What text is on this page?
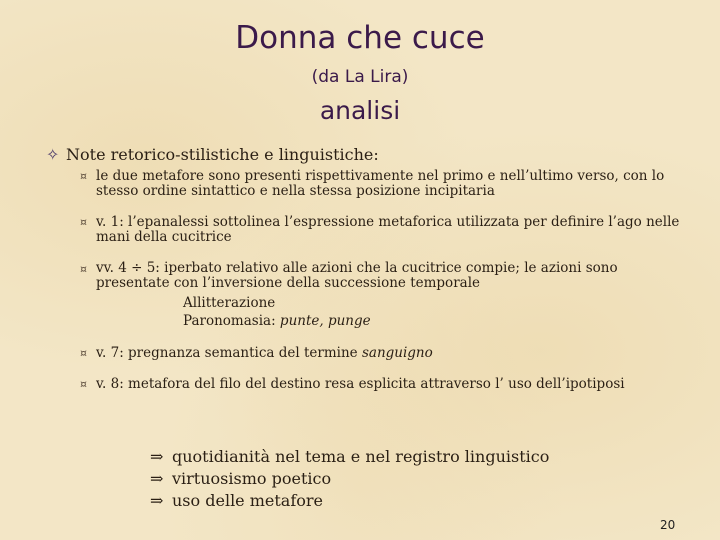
Donna che cuce
(da La Lira)
analisi
✧ Note retorico-stilistiche e linguistiche:
¤ le due metafore sono presenti rispettivamente nel primo e nell’ultimo verso, con lo
stesso ordine sintattico e nella stessa posizione incipitaria
¤ v. 1: l’epanalessi sottolinea l’espressione metaforica utilizzata per definire l’ago nelle
mani della cucitrice
¤ vv. 4 ÷ 5: iperbato relativo alle azioni che la cucitrice compie; le azioni sono
presentate con l’inversione della successione temporale
Allitterazione
Paronomasia: punte, punge
¤ v. 7: pregnanza semantica del termine sanguigno
¤ v. 8: metafora del filo del destino resa esplicita attraverso l’ uso dell’ipotiposi
⇒ quotidianità nel tema e nel registro linguistico
⇒ virtuosismo poetico
⇒ uso delle metafore
20
